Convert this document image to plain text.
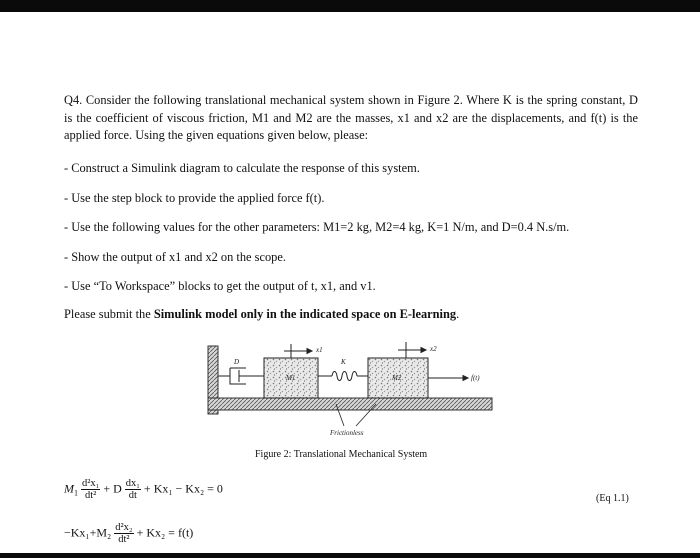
Q4. Consider the following translational mechanical system shown in Figure 2. Where K is the spring constant, D is the coefficient of viscous friction, M1 and M2 are the masses, x1 and x2 are the displacements, and f(t) is the applied force. Using the given equations given below, please:

- Construct a Simulink diagram to calculate the response of this system.

- Use the step block to provide the applied force f(t).

- Use the following values for the other parameters: M1=2 kg, M2=4 kg, K=1 N/m, and D=0.4 N.s/m.

- Show the output of x1 and x2 on the scope.

- Use “To Workspace” blocks to get the output of t, x1, and v1.

Please submit the Simulink model only in the indicated space on E-learning.

D
M1
x1
K
M2
x2
f(t)
Frictionless
Figure 2: Translational Mechanical System
$M_1 \frac{\text{d²x₁}}{\text{dt²}} + D \frac{\text{dx₁}}{dt} + Kx_1 - Kx_2 = 0$
(Eq 1.1)
$-Kx_1+M_2 \frac{\text{d²x₂}}{\text{dt²}} + Kx_2 = f(t)$
